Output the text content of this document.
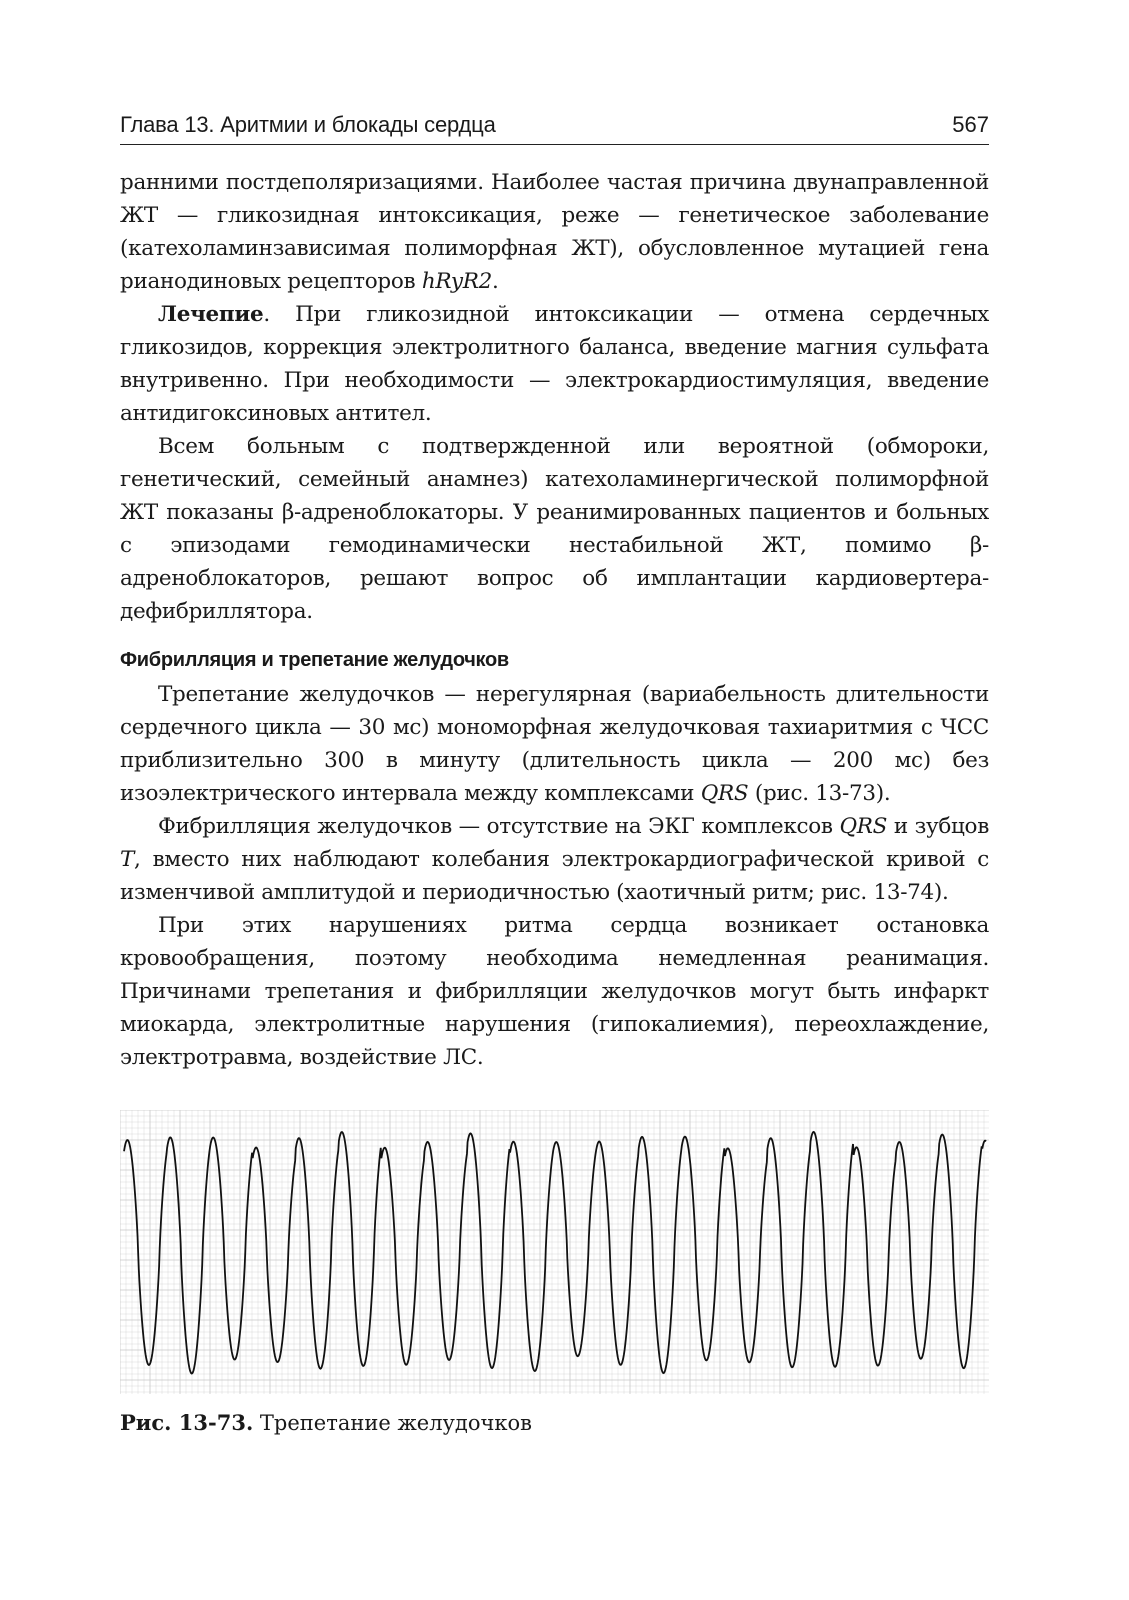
Глава 13. Аритмии и блокады сердца	567

ранними постдеполяризациями. Наиболее частая причина двунаправленной ЖТ — гликозидная интоксикация, реже — генетическое заболевание (катехоламинзависимая полиморфная ЖТ), обусловленное мутацией гена рианодиновых рецепторов hRyR2.

Лечепие. При гликозидной интоксикации — отмена сердечных гликозидов, коррекция электролитного баланса, введение магния сульфата внутривенно. При необходимости — электрокардиостимуляция, введение антидигоксиновых антител.

Всем больным с подтвержденной или вероятной (обмороки, генетический, семейный анамнез) катехоламинергической полиморфной ЖТ показаны β-адреноблокаторы. У реанимированных пациентов и больных с эпизодами гемодинамически нестабильной ЖТ, помимо β-адреноблокаторов, решают вопрос об имплантации кардиовертера-дефибриллятора.

Фибрилляция и трепетание желудочков

Трепетание желудочков — нерегулярная (вариабельность длительности сердечного цикла — 30 мс) мономорфная желудочковая тахиаритмия с ЧСС приблизительно 300 в минуту (длительность цикла — 200 мс) без изоэлектрического интервала между комплексами QRS (рис. 13-73).

Фибрилляция желудочков — отсутствие на ЭКГ комплексов QRS и зубцов T, вместо них наблюдают колебания электрокардиографической кривой с изменчивой амплитудой и периодичностью (хаотичный ритм; рис. 13-74).

При этих нарушениях ритма сердца возникает остановка кровообращения, поэтому необходима немедленная реанимация. Причинами трепетания и фибрилляции желудочков могут быть инфаркт миокарда, электролитные нарушения (гипокалиемия), переохлаждение, электротравма, воздействие ЛС.

Рис. 13-73. Трепетание желудочков
